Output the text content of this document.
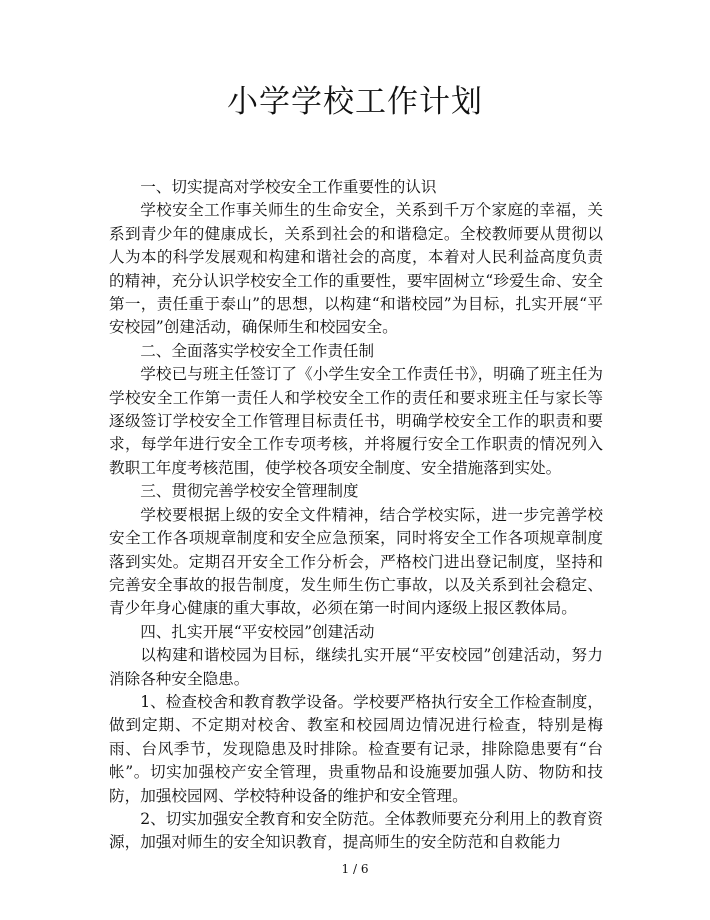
小学学校工作计划

一、切实提高对学校安全工作重要性的认识

学校安全工作事关师生的生命安全，关系到千万个家庭的幸福，关系到青少年的健康成长，关系到社会的和谐稳定。全校教师要从贯彻以人为本的科学发展观和构建和谐社会的高度，本着对人民利益高度负责的精神，充分认识学校安全工作的重要性，要牢固树立“珍爱生命、安全第一，责任重于泰山”的思想，以构建“和谐校园”为目标，扎实开展“平安校园”创建活动，确保师生和校园安全。

二、全面落实学校安全工作责任制

学校已与班主任签订了《小学生安全工作责任书》，明确了班主任为学校安全工作第一责任人和学校安全工作的责任和要求班主任与家长等逐级签订学校安全工作管理目标责任书，明确学校安全工作的职责和要求，每学年进行安全工作专项考核，并将履行安全工作职责的情况列入教职工年度考核范围，使学校各项安全制度、安全措施落到实处。

三、贯彻完善学校安全管理制度

学校要根据上级的安全文件精神，结合学校实际，进一步完善学校安全工作各项规章制度和安全应急预案，同时将安全工作各项规章制度落到实处。定期召开安全工作分析会，严格校门进出登记制度，坚持和完善安全事故的报告制度，发生师生伤亡事故，以及关系到社会稳定、青少年身心健康的重大事故，必须在第一时间内逐级上报区教体局。

四、扎实开展“平安校园”创建活动

以构建和谐校园为目标，继续扎实开展“平安校园”创建活动，努力消除各种安全隐患。

1、检查校舍和教育教学设备。学校要严格执行安全工作检查制度，做到定期、不定期对校舍、教室和校园周边情况进行检查，特别是梅雨、台风季节，发现隐患及时排除。检查要有记录，排除隐患要有“台帐”。切实加强校产安全管理，贵重物品和设施要加强人防、物防和技防，加强校园网、学校特种设备的维护和安全管理。

2、切实加强安全教育和安全防范。全体教师要充分利用上的教育资源，加强对师生的安全知识教育，提高师生的安全防范和自救能力

1 / 6
